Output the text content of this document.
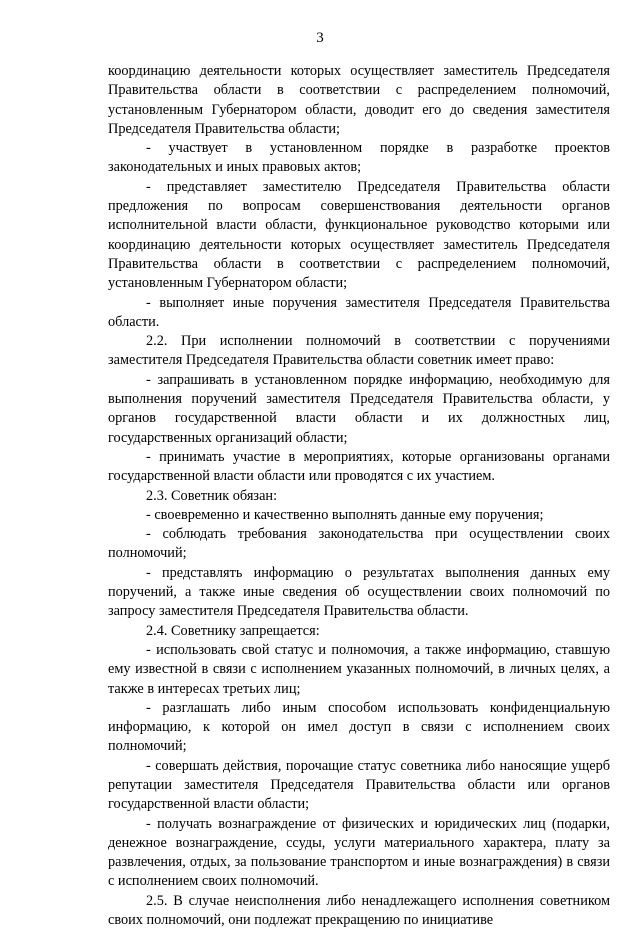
3

координацию деятельности которых осуществляет заместитель Председателя Правительства области в соответствии с распределением полномочий, установленным Губернатором области, доводит его до сведения заместителя Председателя Правительства области;

- участвует в установленном порядке в разработке проектов законодательных и иных правовых актов;

- представляет заместителю Председателя Правительства области предложения по вопросам совершенствования деятельности органов исполнительной власти области, функциональное руководство которыми или координацию деятельности которых осуществляет заместитель Председателя Правительства области в соответствии с распределением полномочий, установленным Губернатором области;

- выполняет иные поручения заместителя Председателя Правительства области.

2.2. При исполнении полномочий в соответствии с поручениями заместителя Председателя Правительства области советник имеет право:

- запрашивать в установленном порядке информацию, необходимую для выполнения поручений заместителя Председателя Правительства области, у органов государственной власти области и их должностных лиц, государственных организаций области;

- принимать участие в мероприятиях, которые организованы органами государственной власти области или проводятся с их участием.

2.3. Советник обязан:

- своевременно и качественно выполнять данные ему поручения;

- соблюдать требования законодательства при осуществлении своих полномочий;

- представлять информацию о результатах выполнения данных ему поручений, а также иные сведения об осуществлении своих полномочий по запросу заместителя Председателя Правительства области.

2.4. Советнику запрещается:

- использовать свой статус и полномочия, а также информацию, ставшую ему известной в связи с исполнением указанных полномочий, в личных целях, а также в интересах третьих лиц;

- разглашать либо иным способом использовать конфиденциальную информацию, к которой он имел доступ в связи с исполнением своих полномочий;

- совершать действия, порочащие статус советника либо наносящие ущерб репутации заместителя Председателя Правительства области или органов государственной власти области;

- получать вознаграждение от физических и юридических лиц (подарки, денежное вознаграждение, ссуды, услуги материального характера, плату за развлечения, отдых, за пользование транспортом и иные вознаграждения) в связи с исполнением своих полномочий.

2.5. В случае неисполнения либо ненадлежащего исполнения советником своих полномочий, они подлежат прекращению по инициативе
